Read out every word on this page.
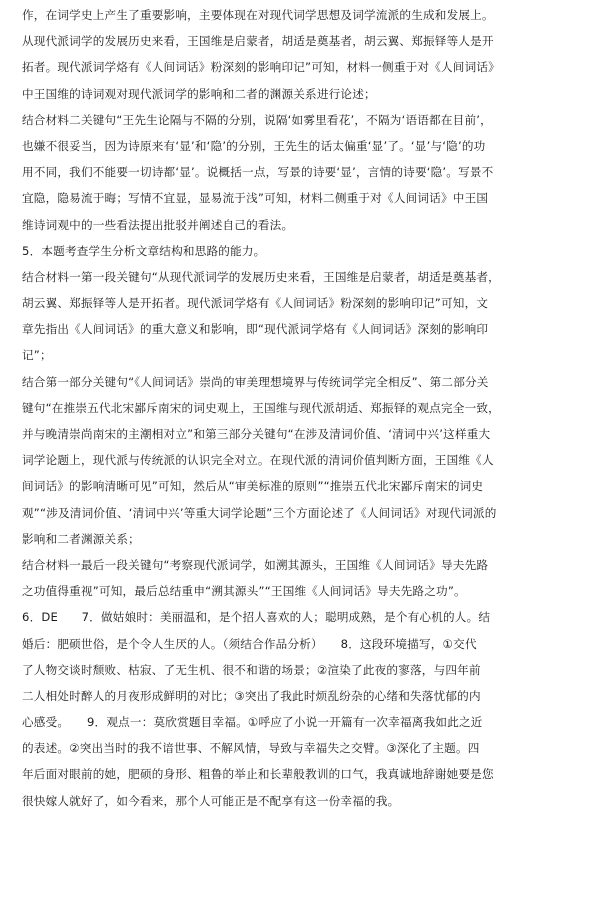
作，在词学史上产生了重要影响，主要体现在对现代词学思想及词学流派的生成和发展上。
从现代派词学的发展历史来看，王国维是启蒙者，胡适是奠基者，胡云翼、郑振铎等人是开
拓者。现代派词学烙有《人间词话》粉深刻的影响印记”可知，材料一侧重于对《人间词话》
中王国维的诗词观对现代派词学的影响和二者的渊源关系进行论述；
结合材料二关键句“王先生论隔与不隔的分别，说隔‘如雾里看花’，不隔为‘语语都在目前’，
也嫌不很妥当，因为诗原来有‘显’和‘隐’的分别，王先生的话太偏重‘显’了。‘显’与‘隐’的功
用不同，我们不能要一切诗都‘显’。说概括一点，写景的诗要‘显’，言情的诗要‘隐’。写景不
宜隐，隐易流于晦；写情不宜显，显易流于浅”可知，材料二侧重于对《人间词话》中王国
维诗词观中的一些看法提出批驳并阐述自己的看法。
5．本题考查学生分析文章结构和思路的能力。
结合材料一第一段关键句“从现代派词学的发展历史来看，王国维是启蒙者，胡适是奠基者，
胡云翼、郑振铎等人是开拓者。现代派词学烙有《人间词话》粉深刻的影响印记”可知，文
章先指出《人间词话》的重大意义和影响，即“现代派词学烙有《人间词话》深刻的影响印
记”；
结合第一部分关键句“《人间词话》崇尚的审美理想境界与传统词学完全相反”、第二部分关
键句“在推崇五代北宋鄙斥南宋的词史观上，王国维与现代派胡适、郑振铎的观点完全一致，
并与晚清崇尚南宋的主潮相对立”和第三部分关键句“在涉及清词价值、‘清词中兴’这样重大
词学论题上，现代派与传统派的认识完全对立。在现代派的清词价值判断方面，王国维《人
间词话》的影响清晰可见”可知，然后从“审美标准的原则”“推崇五代北宋鄙斥南宋的词史
观”“涉及清词价值、‘清词中兴’等重大词学论题”三个方面论述了《人间词话》对现代词派的
影响和二者渊源关系；
结合材料一最后一段关键句“考察现代派词学，如溯其源头，王国维《人间词话》导夫先路
之功值得重视”可知，最后总结重申“溯其源头”“王国维《人间词话》导夫先路之功”。
6．DE　　7．做姑娘时：美丽温和，是个招人喜欢的人；聪明成熟，是个有心机的人。结
婚后：肥硕世俗，是个令人生厌的人。（须结合作品分析）　　8．这段环境描写，①交代
了人物交谈时颓败、枯寂、了无生机、很不和谐的场景；②渲染了此夜的寥落，与四年前
二人相处时醉人的月夜形成鲜明的对比；③突出了我此时烦乱纷杂的心绪和失落忧郁的内
心感受。　　9．观点一：莫欣赏题目幸福。①呼应了小说一开篇有一次幸福离我如此之近
的表述。②突出当时的我不谙世事、不解风情，导致与幸福失之交臂。③深化了主题。四
年后面对眼前的她，肥硕的身形、粗鲁的举止和长辈般教训的口气，我真诚地辞谢她要是您
很快嫁人就好了，如今看来，那个人可能正是不配享有这一份幸福的我。
